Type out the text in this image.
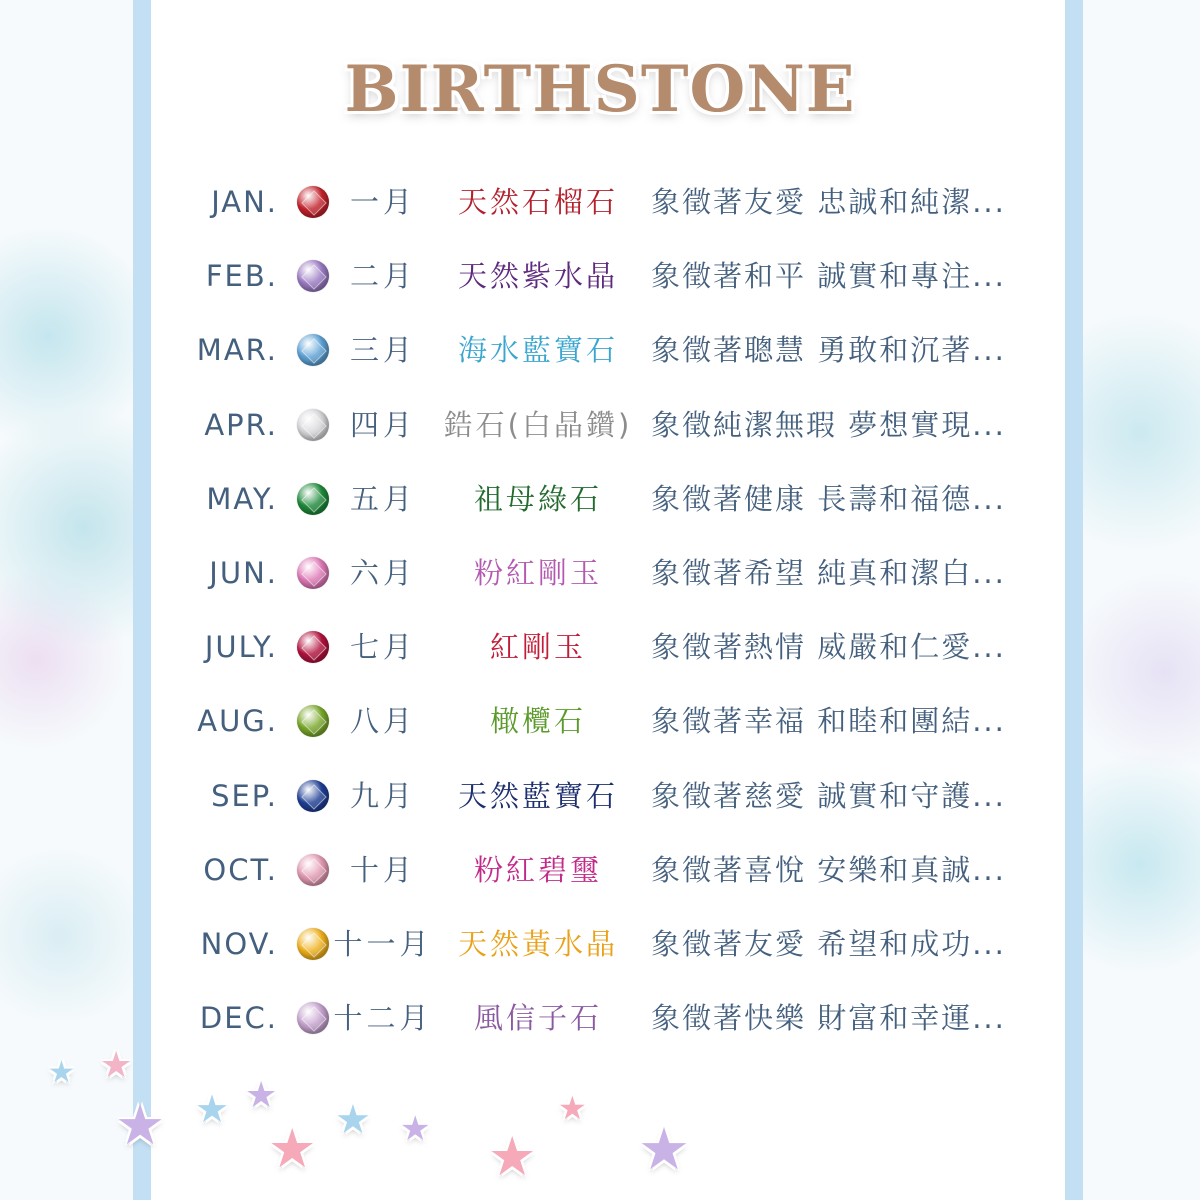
BIRTHSTONE
JAN. 一月 天然石榴石 象徵著友愛 忠誠和純潔...
FEB. 二月 天然紫水晶 象徵著和平 誠實和專注...
MAR. 三月 海水藍寶石 象徵著聰慧 勇敢和沉著...
APR. 四月 鋯石(白晶鑽) 象徵純潔無瑕 夢想實現...
MAY. 五月 祖母綠石 象徵著健康 長壽和福德...
JUN. 六月 粉紅剛玉 象徵著希望 純真和潔白...
JULY. 七月	紅剛玉 象徵著熱情 威嚴和仁愛...
AUG. 八月	橄欖石 象徵著幸福 和睦和團結...
SEP. 九月 天然藍寶石 象徵著慈愛 誠實和守護...
OCT. 十月 粉紅碧璽 象徵著喜悅 安樂和真誠...
NOV. 十一月 天然黃水晶 象徵著友愛 希望和成功...
DEC. 十二月 風信子石 象徵著快樂 財富和幸運...
★ ★
★ ★ ★
★ ★ ★ ★
★
★
